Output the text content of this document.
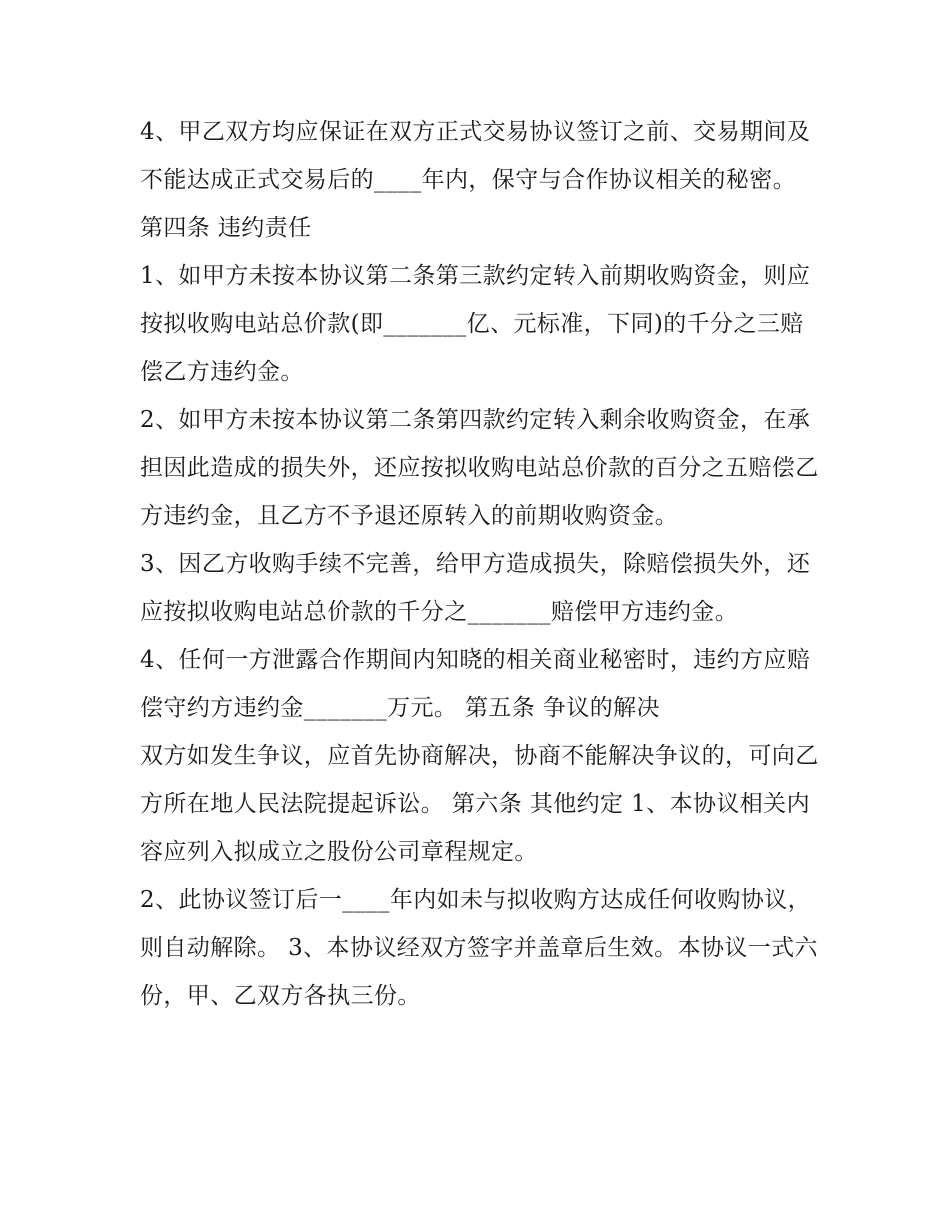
4、甲乙双方均应保证在双方正式交易协议签订之前、交易期间及不能达成正式交易后的____年内，保守与合作协议相关的秘密。 第四条 违约责任

1、如甲方未按本协议第二条第三款约定转入前期收购资金，则应按拟收购电站总价款(即_______亿、元标准，下同)的千分之三赔偿乙方违约金。

2、如甲方未按本协议第二条第四款约定转入剩余收购资金，在承担因此造成的损失外，还应按拟收购电站总价款的百分之五赔偿乙方违约金，且乙方不予退还原转入的前期收购资金。

3、因乙方收购手续不完善，给甲方造成损失，除赔偿损失外，还应按拟收购电站总价款的千分之_______赔偿甲方违约金。

4、任何一方泄露合作期间内知晓的相关商业秘密时，违约方应赔偿守约方违约金_______万元。 第五条 争议的解决

双方如发生争议，应首先协商解决，协商不能解决争议的，可向乙方所在地人民法院提起诉讼。 第六条 其他约定 1、本协议相关内容应列入拟成立之股份公司章程规定。

2、此协议签订后一____年内如未与拟收购方达成任何收购协议，则自动解除。 3、本协议经双方签字并盖章后生效。本协议一式六份，甲、乙双方各执三份。
